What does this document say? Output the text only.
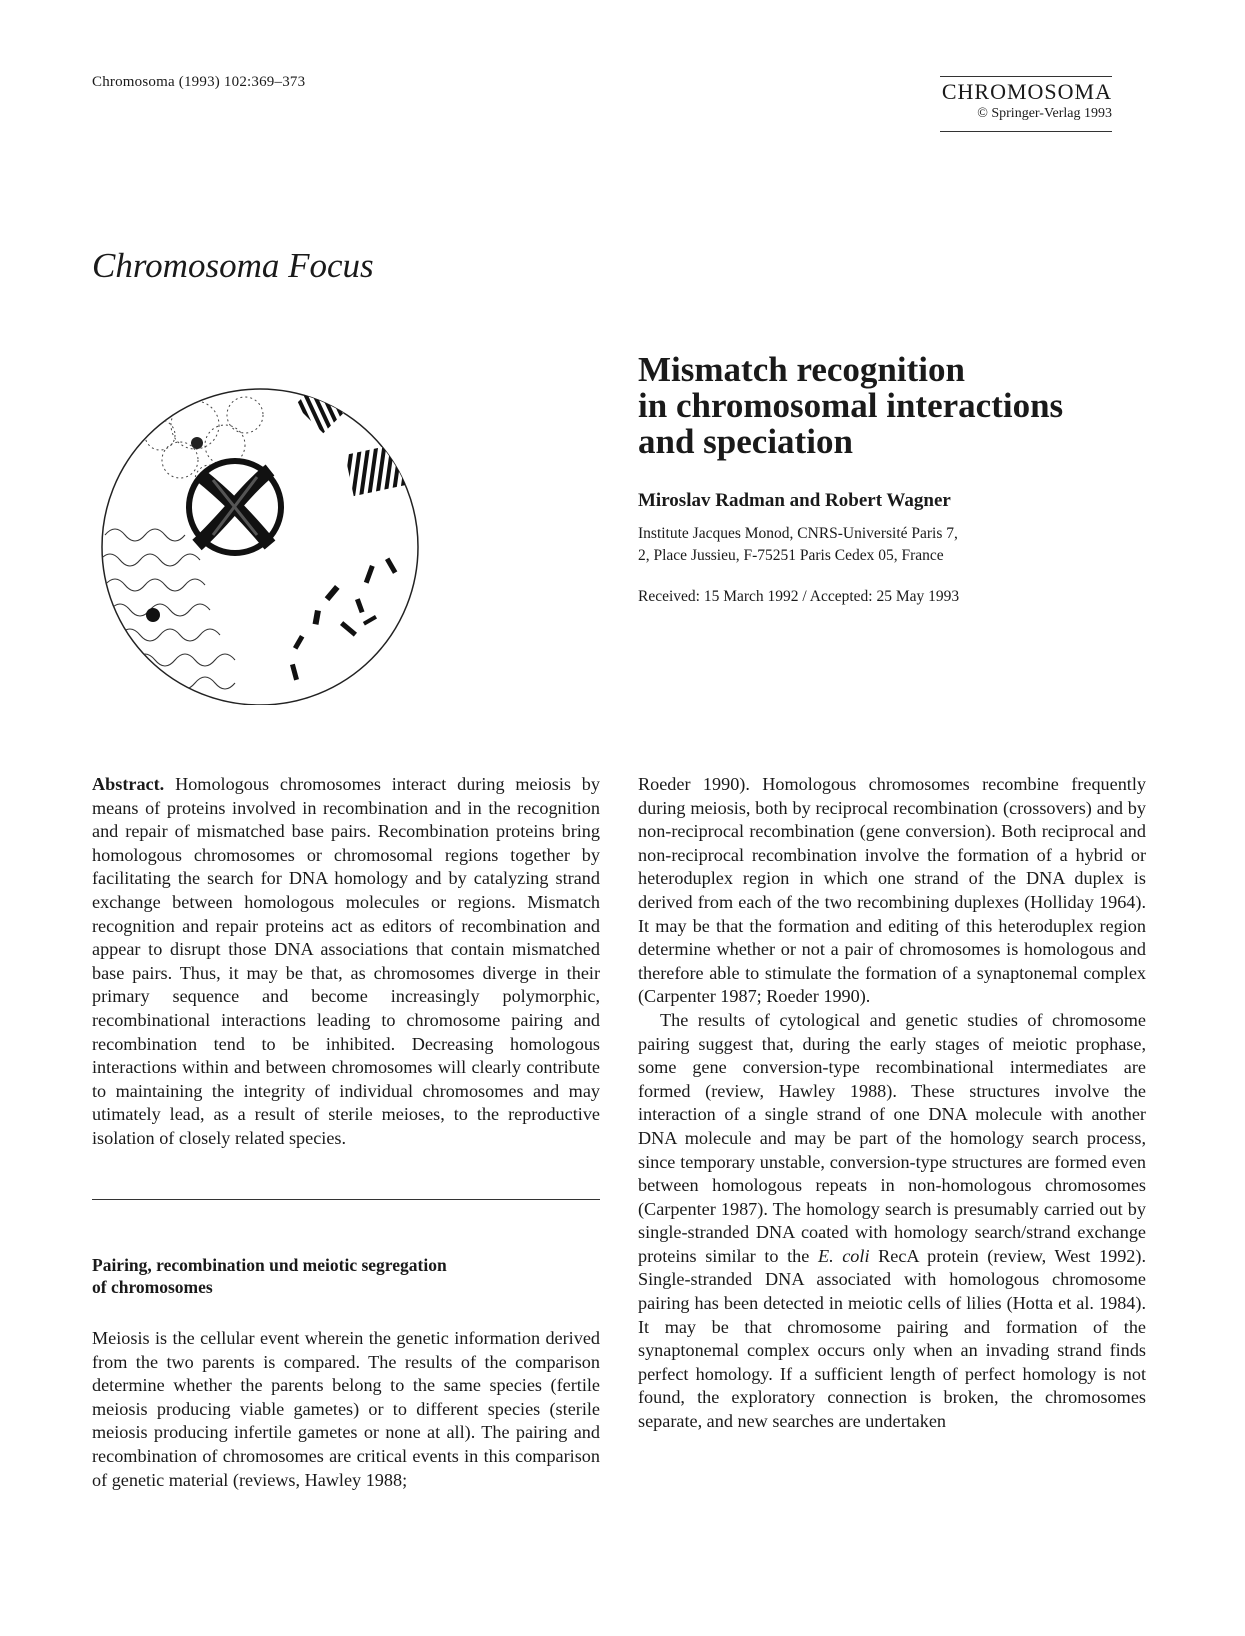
Chromosoma (1993) 102:369–373	CHROMOSOMA
© Springer-Verlag 1993
Chromosoma Focus
Mismatch recognition
in chromosomal interactions
and speciation
Miroslav Radman and Robert Wagner
Institute Jacques Monod, CNRS-Université Paris 7,
2, Place Jussieu, F-75251 Paris Cedex 05, France
Received: 15 March 1992 / Accepted: 25 May 1993

Abstract. Homologous chromosomes interact during meiosis by means of proteins involved in recombination and in the recognition and repair of mismatched base pairs. Recombination proteins bring homologous chromosomes or chromosomal regions together by facilitating the search for DNA homology and by catalyzing strand exchange between homologous molecules or regions. Mismatch recognition and repair proteins act as editors of recombination and appear to disrupt those DNA associations that contain mismatched base pairs. Thus, it may be that, as chromosomes diverge in their primary sequence and become increasingly polymorphic, recombinational interactions leading to chromosome pairing and recombination tend to be inhibited. Decreasing homologous interactions within and between chromosomes will clearly contribute to maintaining the integrity of individual chromosomes and may utimately lead, as a result of sterile meioses, to the reproductive isolation of closely related species.

Pairing, recombination und meiotic segregation
of chromosomes

Meiosis is the cellular event wherein the genetic information derived from the two parents is compared. The results of the comparison determine whether the parents belong to the same species (fertile meiosis producing viable gametes) or to different species (sterile meiosis producing infertile gametes or none at all). The pairing and recombination of chromosomes are critical events in this comparison of genetic material (reviews, Hawley 1988;

Roeder 1990). Homologous chromosomes recombine frequently during meiosis, both by reciprocal recombination (crossovers) and by non-reciprocal recombination (gene conversion). Both reciprocal and non-reciprocal recombination involve the formation of a hybrid or heteroduplex region in which one strand of the DNA duplex is derived from each of the two recombining duplexes (Holliday 1964). It may be that the formation and editing of this heteroduplex region determine whether or not a pair of chromosomes is homologous and therefore able to stimulate the formation of a synaptonemal complex (Carpenter 1987; Roeder 1990).

The results of cytological and genetic studies of chromosome pairing suggest that, during the early stages of meiotic prophase, some gene conversion-type recombinational intermediates are formed (review, Hawley 1988). These structures involve the interaction of a single strand of one DNA molecule with another DNA molecule and may be part of the homology search process, since temporary unstable, conversion-type structures are formed even between homologous repeats in non-homologous chromosomes (Carpenter 1987). The homology search is presumably carried out by single-stranded DNA coated with homology search/strand exchange proteins similar to the E. coli RecA protein (review, West 1992). Single-stranded DNA associated with homologous chromosome pairing has been detected in meiotic cells of lilies (Hotta et al. 1984). It may be that chromosome pairing and formation of the synaptonemal complex occurs only when an invading strand finds perfect homology. If a sufficient length of perfect homology is not found, the exploratory connection is broken, the chromosomes separate, and new searches are undertaken
